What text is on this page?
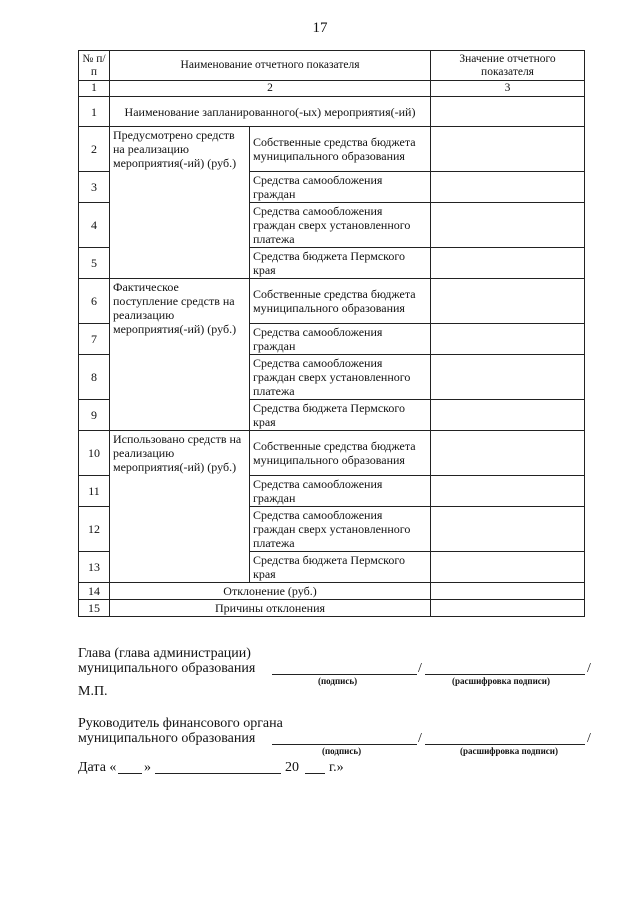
17
№ п/п	Наименование отчетного показателя		Значение отчетного показателя
1	2		3
1	Наименование запланированного(-ых) мероприятия(-ий)		
2	Предусмотрено средств на реализацию мероприятия(-ий) (руб.)	Собственные средства бюджета муниципального образования	
3		Средства самообложения граждан	
4		Средства самообложения граждан сверх установленного платежа	
5		Средства бюджета Пермского края	
6	Фактическое поступление средств на реализацию мероприятия(-ий) (руб.)	Собственные средства бюджета муниципального образования	
7		Средства самообложения граждан	
8		Средства самообложения граждан сверх установленного платежа	
9		Средства бюджета Пермского края	
10	Использовано средств на реализацию мероприятия(-ий) (руб.)	Собственные средства бюджета муниципального образования	
11		Средства самообложения граждан	
12		Средства самообложения граждан сверх установленного платежа	
13		Средства бюджета Пермского края	
14	Отклонение (руб.)		
15	Причины отклонения		
Глава (глава администрации)
муниципального образования	/	/
(подпись)	(расшифровка подписи)
М.П.
Руководитель финансового органа
муниципального образования	/	/
(подпись)	(расшифровка подписи)
Дата « »	20 г.»
